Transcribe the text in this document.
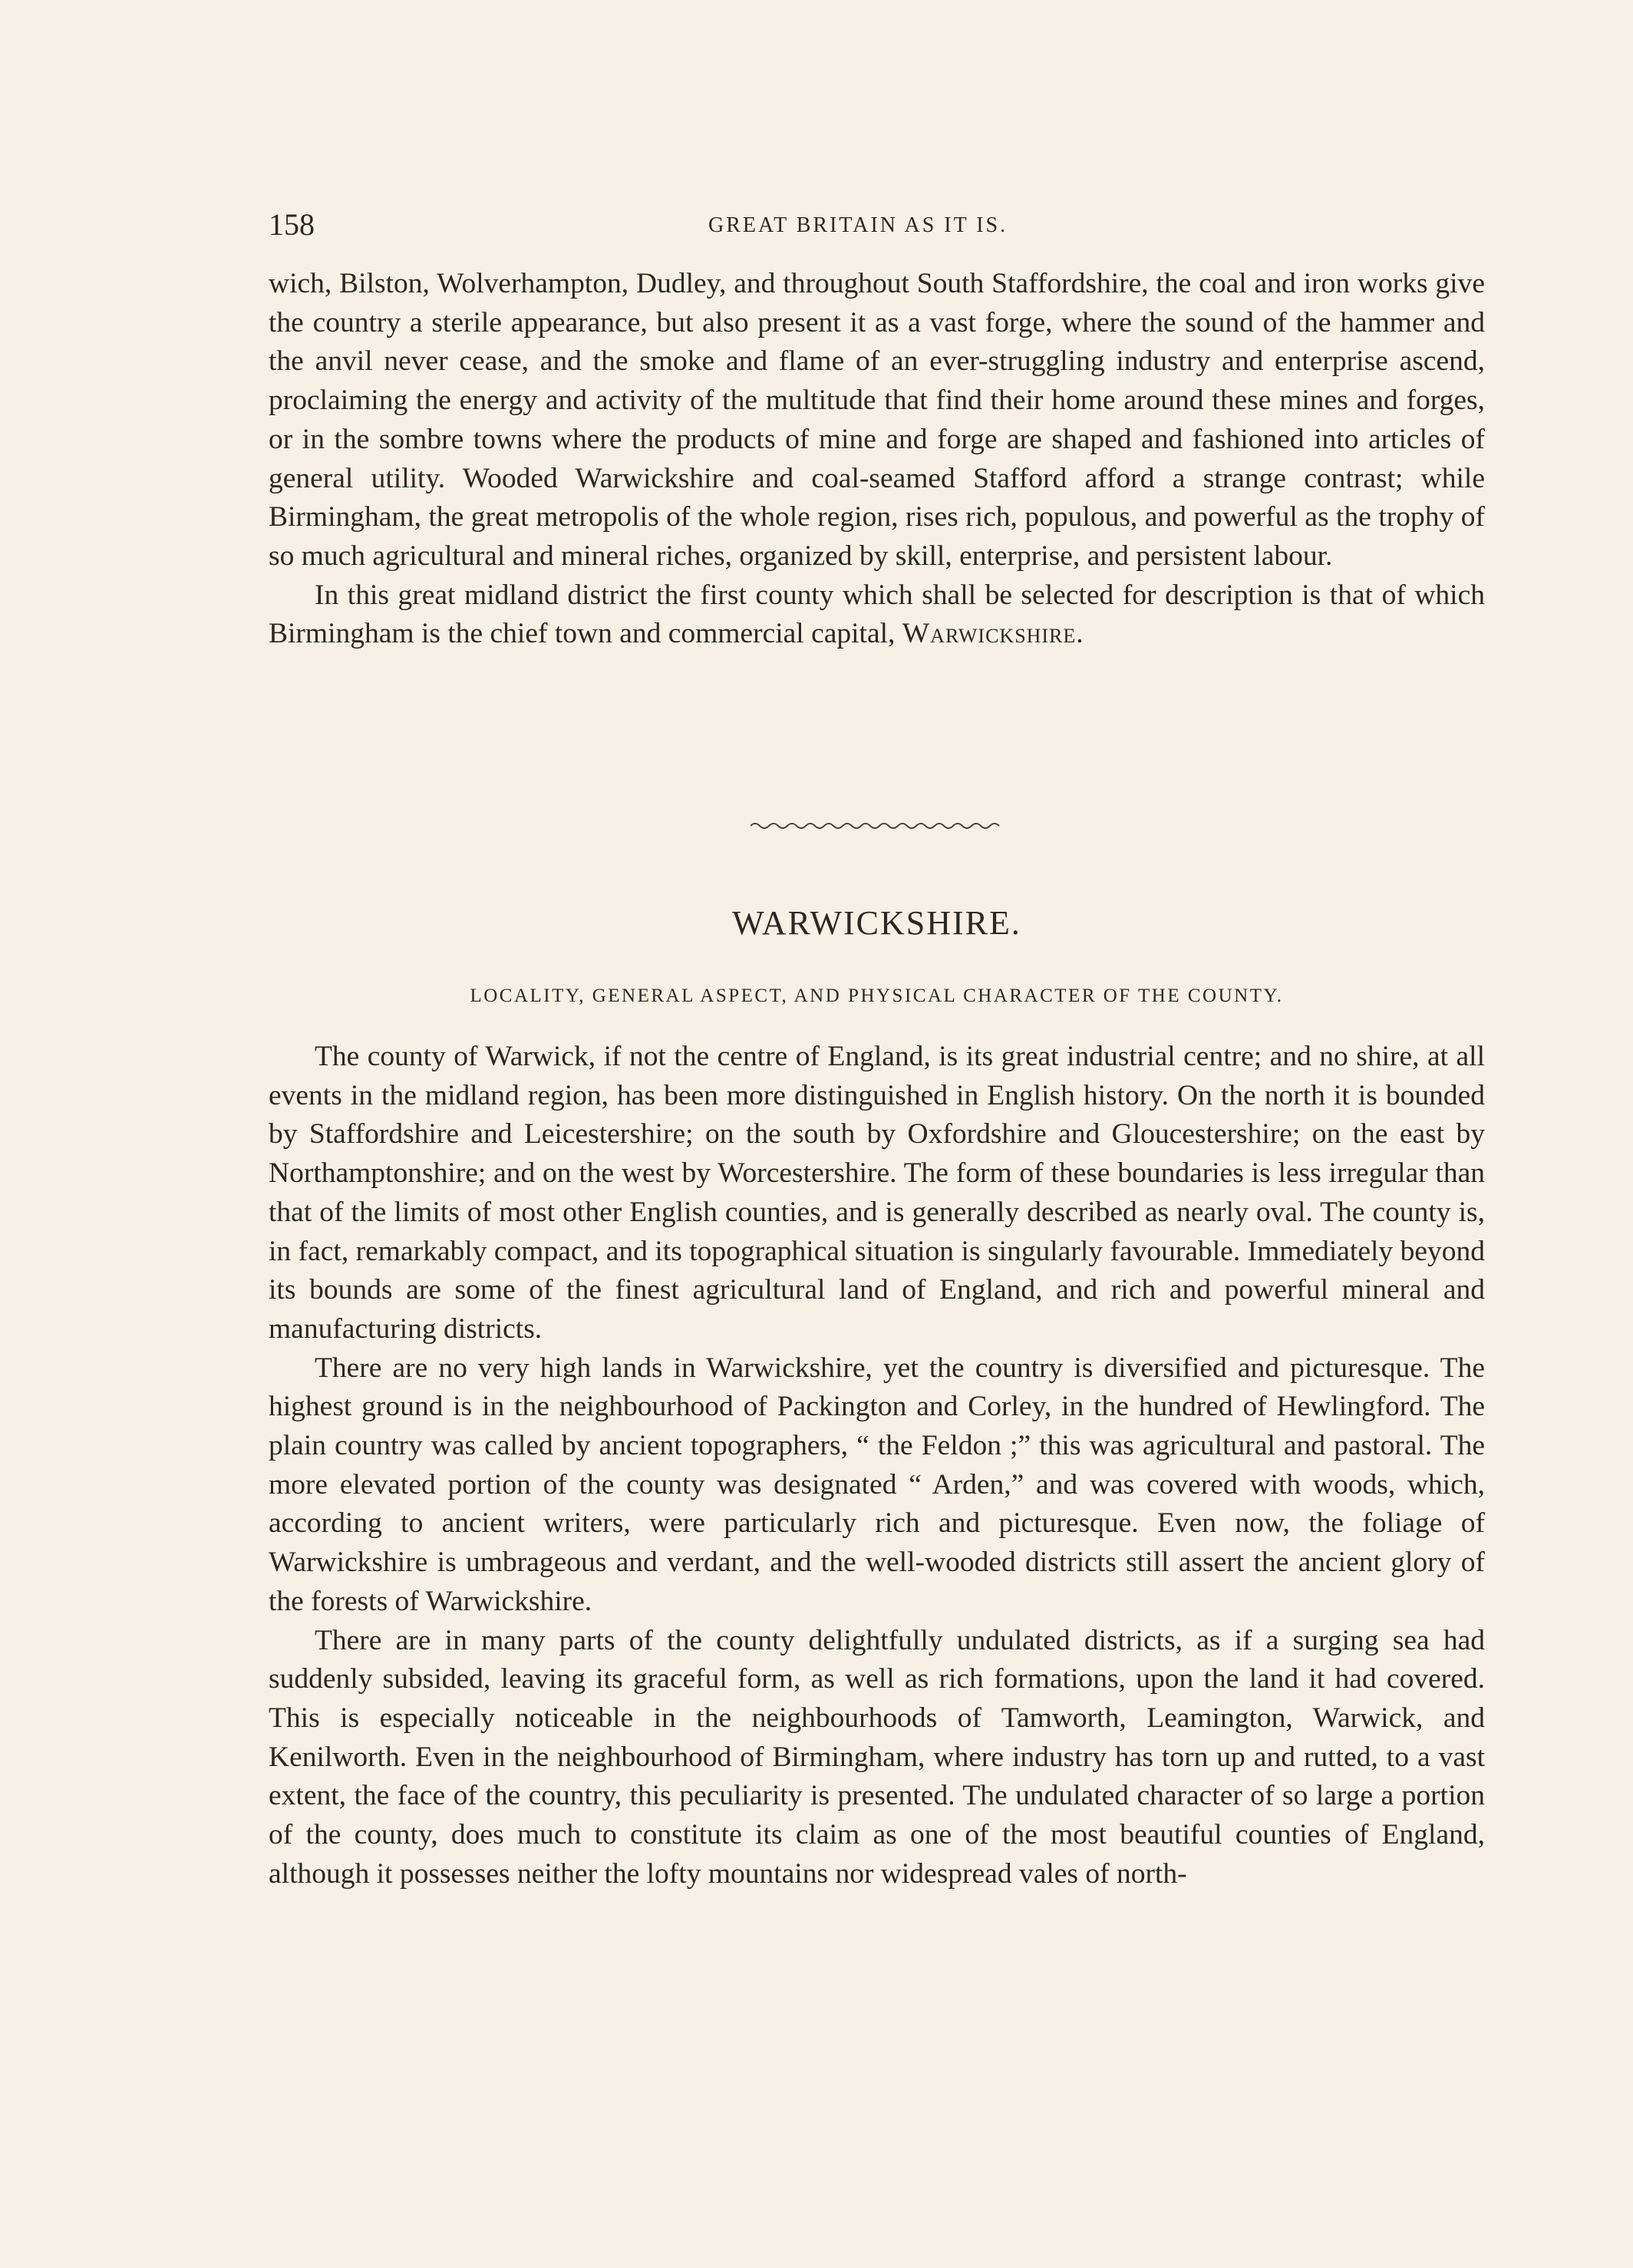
158	GREAT BRITAIN AS IT IS.

wich, Bilston, Wolverhampton, Dudley, and throughout South Staffordshire, the coal and iron works give the country a sterile appearance, but also present it as a vast forge, where the sound of the hammer and the anvil never cease, and the smoke and flame of an ever-struggling industry and enterprise ascend, proclaiming the energy and activity of the multitude that find their home around these mines and forges, or in the sombre towns where the products of mine and forge are shaped and fashioned into articles of general utility. Wooded Warwickshire and coal-seamed Stafford afford a strange contrast; while Birmingham, the great metropolis of the whole region, rises rich, populous, and powerful as the trophy of so much agricultural and mineral riches, organized by skill, enterprise, and persistent labour.

In this great midland district the first county which shall be selected for description is that of which Birmingham is the chief town and commercial capital, Warwickshire.

WARWICKSHIRE.
LOCALITY, GENERAL ASPECT, AND PHYSICAL CHARACTER OF THE COUNTY.

The county of Warwick, if not the centre of England, is its great industrial centre; and no shire, at all events in the midland region, has been more distinguished in English history. On the north it is bounded by Staffordshire and Leicestershire; on the south by Oxfordshire and Gloucestershire; on the east by Northamptonshire; and on the west by Worcestershire. The form of these boundaries is less irregular than that of the limits of most other English counties, and is generally described as nearly oval. The county is, in fact, remarkably compact, and its topographical situation is singularly favourable. Immediately beyond its bounds are some of the finest agricultural land of England, and rich and powerful mineral and manufacturing districts.

There are no very high lands in Warwickshire, yet the country is diversified and picturesque. The highest ground is in the neighbourhood of Packington and Corley, in the hundred of Hewlingford. The plain country was called by ancient topographers, “ the Feldon ;” this was agricultural and pastoral. The more elevated portion of the county was designated “ Arden,” and was covered with woods, which, according to ancient writers, were particularly rich and picturesque. Even now, the foliage of Warwickshire is umbrageous and verdant, and the well-wooded districts still assert the ancient glory of the forests of Warwickshire.

There are in many parts of the county delightfully undulated districts, as if a surging sea had suddenly subsided, leaving its graceful form, as well as rich formations, upon the land it had covered. This is especially noticeable in the neighbourhoods of Tamworth, Leamington, Warwick, and Kenilworth. Even in the neighbourhood of Birmingham, where industry has torn up and rutted, to a vast extent, the face of the country, this peculiarity is presented. The undulated character of so large a portion of the county, does much to constitute its claim as one of the most beautiful counties of England, although it possesses neither the lofty mountains nor widespread vales of north-
